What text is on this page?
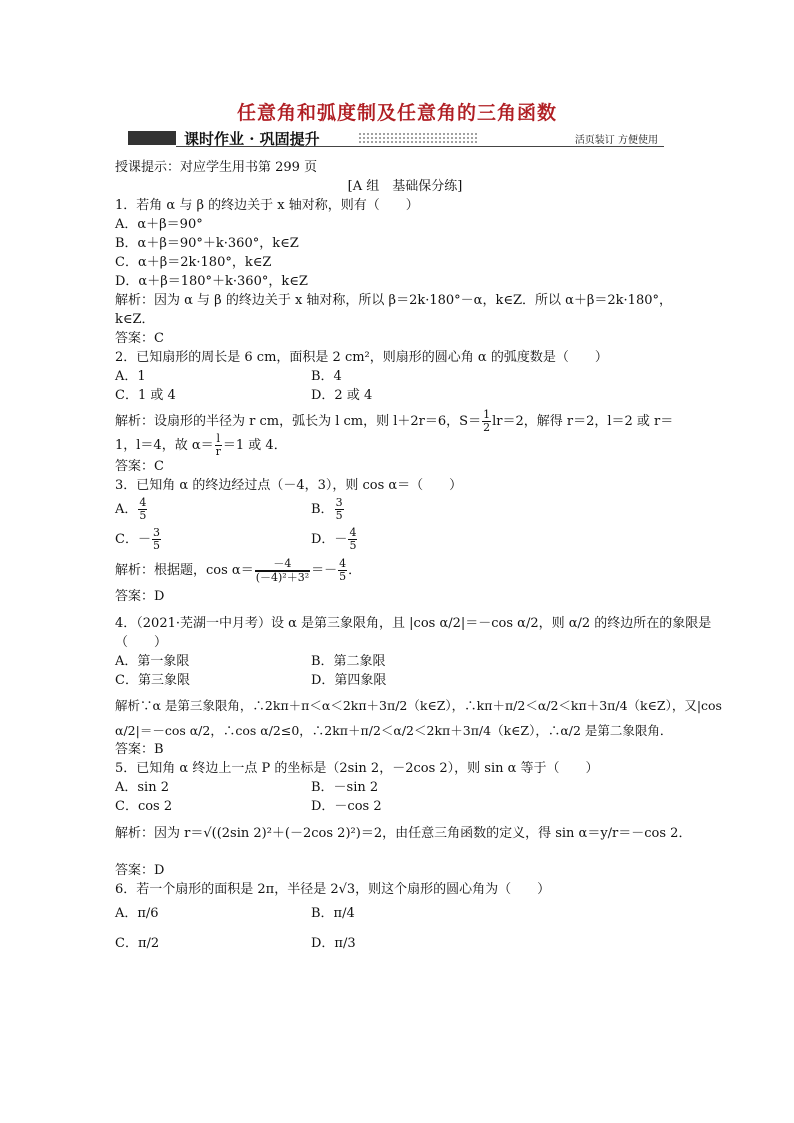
任意角和弧度制及任意角的三角函数
课时作业 · 巩固提升	活页装订 方便使用
授课提示：对应学生用书第 299 页
[A 组　基础保分练]
1．若角 α 与 β 的终边关于 x 轴对称，则有（　　）
A．α＋β＝90°
B．α＋β＝90°＋k·360°，k∈Z
C．α＋β＝2k·180°，k∈Z
D．α＋β＝180°＋k·360°，k∈Z
解析：因为 α 与 β 的终边关于 x 轴对称，所以 β＝2k·180°－α，k∈Z．所以 α＋β＝2k·180°，
k∈Z．
答案：C
2．已知扇形的周长是 6 cm，面积是 2 cm²，则扇形的圆心角 α 的弧度数是（　　）
A．1	B．4
C．1 或 4	D．2 或 4
解析：设扇形的半径为 r cm，弧长为 l cm，则 l＋2r＝6，$S= \frac{1}{2} lr=2$，解得 r＝2，l＝2 或 r＝
1，l＝4，故 $\alpha= \frac{l}{r} =1$ 或 4．
答案：C
3．已知角 α 的终边经过点（－4，3），则 cos α＝（　　）
A． $\frac{4}{5}$	B． $\frac{3}{5}$
C．－ $\frac{3}{5}$	D．－ $\frac{4}{5}$
解析：根据题，$\cos \alpha= \frac{-4}{\text{(－4)²＋3²}} =- \frac{4}{5}$ ．
答案：D
4．（2021·芜湖一中月考）设 α 是第三象限角，且 |cos α/2|＝－cos α/2，则 α/2 的终边所在的象限是
（　　）
A．第一象限	B．第二象限
C．第三象限	D．第四象限
解析∵α 是第三象限角，∴2kπ＋π＜α＜2kπ＋3π/2（k∈Z），∴kπ＋π/2＜α/2＜kπ＋3π/4（k∈Z），又|cos
α/2|＝－cos α/2，∴cos α/2≤0，∴2kπ＋π/2＜α/2＜2kπ＋3π/4（k∈Z），∴α/2 是第二象限角．
答案：B
5．已知角 α 终边上一点 P 的坐标是（2sin 2，－2cos 2），则 sin α 等于（　　）
A．sin 2	B．－sin 2
C．cos 2	D．－cos 2
解析：因为 r＝√((2sin 2)²＋(－2cos 2)²)＝2，由任意三角函数的定义，得 sin α＝y/r＝－cos 2．
答案：D
6．若一个扇形的面积是 2π，半径是 2√3，则这个扇形的圆心角为（　　）
A．π/6	B．π/4
C．π/2	D．π/3
